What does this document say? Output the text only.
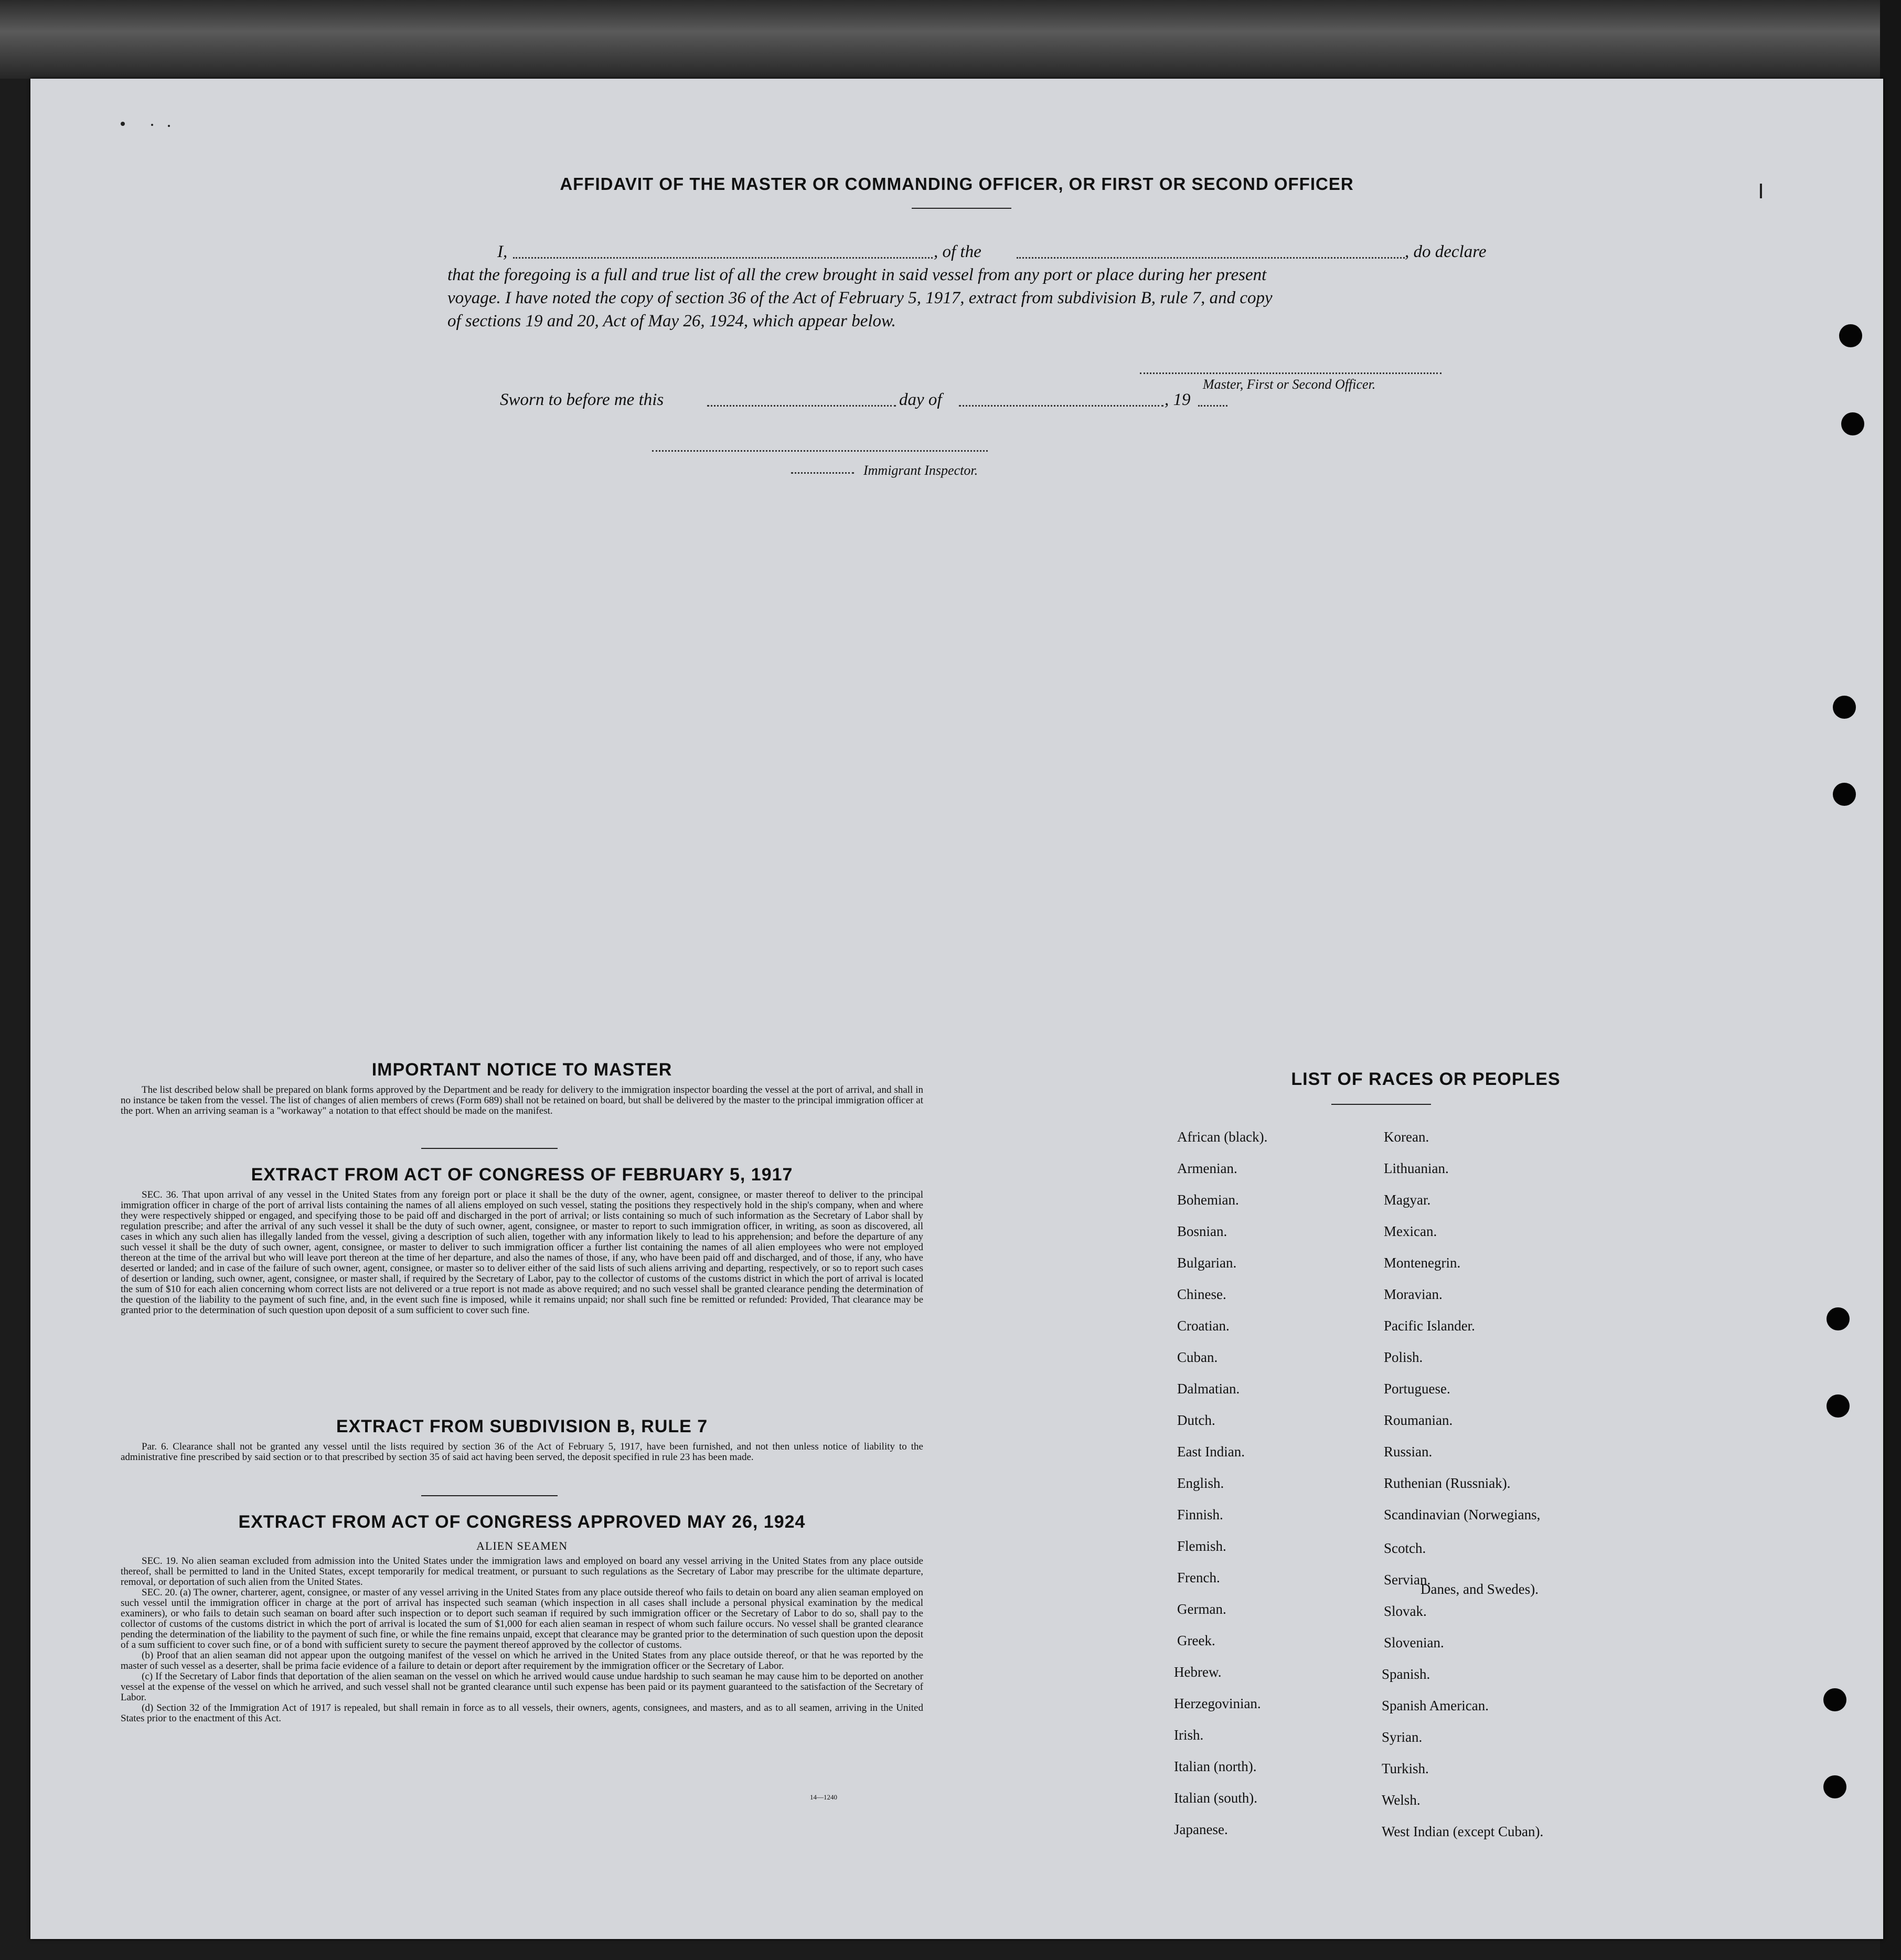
AFFIDAVIT OF THE MASTER OR COMMANDING OFFICER, OR FIRST OR SECOND OFFICER
I,	, of the	, do declare
that the foregoing is a full and true list of all the crew brought in said vessel from any port or place during her present
voyage. I have noted the copy of section 36 of the Act of February 5, 1917, extract from subdivision B, rule 7, and copy
of sections 19 and 20, Act of May 26, 1924, which appear below.
Master, First or Second Officer.
Sworn to before me this	day of	, 19
Immigrant Inspector.
IMPORTANT NOTICE TO MASTER
The list described below shall be prepared on blank forms approved by the Department and be ready for delivery to the immigration inspector boarding the vessel at the port of arrival, and shall in no instance be taken from the vessel. The list of changes of alien members of crews (Form 689) shall not be retained on board, but shall be delivered by the master to the principal immigration officer at the port. When an arriving seaman is a "workaway" a notation to that effect should be made on the manifest.
EXTRACT FROM ACT OF CONGRESS OF FEBRUARY 5, 1917
SEC. 36. That upon arrival of any vessel in the United States from any foreign port or place it shall be the duty of the owner, agent, consignee, or master thereof to deliver to the principal immigration officer in charge of the port of arrival lists containing the names of all aliens employed on such vessel, stating the positions they respectively hold in the ship's company, when and where they were respectively shipped or engaged, and specifying those to be paid off and discharged in the port of arrival; or lists containing so much of such information as the Secretary of Labor shall by regulation prescribe; and after the arrival of any such vessel it shall be the duty of such owner, agent, consignee, or master to report to such immigration officer, in writing, as soon as discovered, all cases in which any such alien has illegally landed from the vessel, giving a description of such alien, together with any information likely to lead to his apprehension; and before the departure of any such vessel it shall be the duty of such owner, agent, consignee, or master to deliver to such immigration officer a further list containing the names of all alien employees who were not employed thereon at the time of the arrival but who will leave port thereon at the time of her departure, and also the names of those, if any, who have been paid off and discharged, and of those, if any, who have deserted or landed; and in case of the failure of such owner, agent, consignee, or master so to deliver either of the said lists of such aliens arriving and departing, respectively, or so to report such cases of desertion or landing, such owner, agent, consignee, or master shall, if required by the Secretary of Labor, pay to the collector of customs of the customs district in which the port of arrival is located the sum of $10 for each alien concerning whom correct lists are not delivered or a true report is not made as above required; and no such vessel shall be granted clearance pending the determination of the question of the liability to the payment of such fine, and, in the event such fine is imposed, while it remains unpaid; nor shall such fine be remitted or refunded: Provided, That clearance may be granted prior to the determination of such question upon deposit of a sum sufficient to cover such fine.
EXTRACT FROM SUBDIVISION B, RULE 7
Par. 6. Clearance shall not be granted any vessel until the lists required by section 36 of the Act of February 5, 1917, have been furnished, and not then unless notice of liability to the administrative fine prescribed by said section or to that prescribed by section 35 of said act having been served, the deposit specified in rule 23 has been made.
EXTRACT FROM ACT OF CONGRESS APPROVED MAY 26, 1924
ALIEN SEAMEN
SEC. 19. No alien seaman excluded from admission into the United States under the immigration laws and employed on board any vessel arriving in the United States from any place outside thereof, shall be permitted to land in the United States, except temporarily for medical treatment, or pursuant to such regulations as the Secretary of Labor may prescribe for the ultimate departure, removal, or deportation of such alien from the United States.
SEC. 20. (a) The owner, charterer, agent, consignee, or master of any vessel arriving in the United States from any place outside thereof who fails to detain on board any alien seaman employed on such vessel until the immigration officer in charge at the port of arrival has inspected such seaman (which inspection in all cases shall include a personal physical examination by the medical examiners), or who fails to detain such seaman on board after such inspection or to deport such seaman if required by such immigration officer or the Secretary of Labor to do so, shall pay to the collector of customs of the customs district in which the port of arrival is located the sum of $1,000 for each alien seaman in respect of whom such failure occurs. No vessel shall be granted clearance pending the determination of the liability to the payment of such fine, or while the fine remains unpaid, except that clearance may be granted prior to the determination of such question upon the deposit of a sum sufficient to cover such fine, or of a bond with sufficient surety to secure the payment thereof approved by the collector of customs.
(b) Proof that an alien seaman did not appear upon the outgoing manifest of the vessel on which he arrived in the United States from any place outside thereof, or that he was reported by the master of such vessel as a deserter, shall be prima facie evidence of a failure to detain or deport after requirement by the immigration officer or the Secretary of Labor.
(c) If the Secretary of Labor finds that deportation of the alien seaman on the vessel on which he arrived would cause undue hardship to such seaman he may cause him to be deported on another vessel at the expense of the vessel on which he arrived, and such vessel shall not be granted clearance until such expense has been paid or its payment guaranteed to the satisfaction of the Secretary of Labor.
(d) Section 32 of the Immigration Act of 1917 is repealed, but shall remain in force as to all vessels, their owners, agents, consignees, and masters, and as to all seamen, arriving in the United States prior to the enactment of this Act.
14—1240
LIST OF RACES OR PEOPLES
African (black).
Armenian.
Bohemian.
Bosnian.
Bulgarian.
Chinese.
Croatian.
Cuban.
Dalmatian.
Dutch.
East Indian.
English.
Finnish.
Flemish.
French.
German.
Greek.
Hebrew.
Herzegovinian.
Irish.
Italian (north).
Italian (south).
Japanese.
Korean.
Lithuanian.
Magyar.
Mexican.
Montenegrin.
Moravian.
Pacific Islander.
Polish.
Portuguese.
Roumanian.
Russian.
Ruthenian (Russniak).
Scandinavian (Norwegians,
Scotch.
Servian.
Slovak.
Slovenian.
Spanish.
Spanish American.
Syrian.
Turkish.
Welsh.
West Indian (except Cuban).
Danes, and Swedes).
